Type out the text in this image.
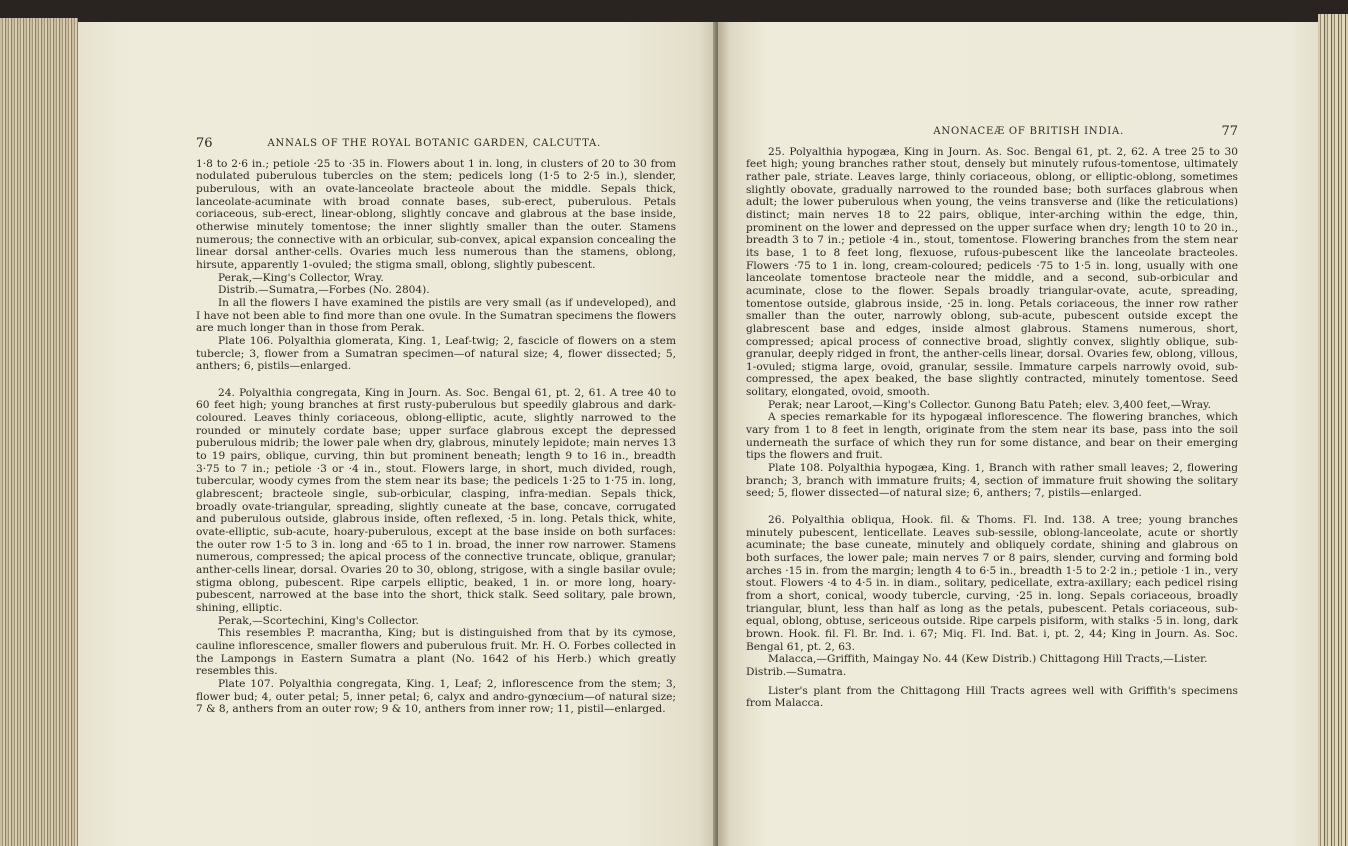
76	ANNALS OF THE ROYAL BOTANIC GARDEN, CALCUTTA.

1·8 to 2·6 in.; petiole ·25 to ·35 in. Flowers about 1 in. long, in clusters of 20 to 30 from nodulated puberulous tubercles on the stem; pedicels long (1·5 to 2·5 in.), slender, puberulous, with an ovate-lanceolate bracteole about the middle. Sepals thick, lanceolate-acuminate with broad connate bases, sub-erect, puberulous. Petals coriaceous, sub-erect, linear-oblong, slightly concave and glabrous at the base inside, otherwise minutely tomentose; the inner slightly smaller than the outer. Stamens numerous; the connective with an orbicular, sub-convex, apical expansion concealing the linear dorsal anther-cells. Ovaries much less numerous than the stamens, oblong, hirsute, apparently 1-ovuled; the stigma small, oblong, slightly pubescent.

Perak,—King's Collector, Wray.

Distrib.—Sumatra,—Forbes (No. 2804).

In all the flowers I have examined the pistils are very small (as if undeveloped), and I have not been able to find more than one ovule. In the Sumatran specimens the flowers are much longer than in those from Perak.

Plate 106. Polyalthia glomerata, King. 1, Leaf-twig; 2, fascicle of flowers on a stem tubercle; 3, flower from a Sumatran specimen—of natural size; 4, flower dissected; 5, anthers; 6, pistils—enlarged.

24. Polyalthia congregata, King in Journ. As. Soc. Bengal 61, pt. 2, 61. A tree 40 to 60 feet high; young branches at first rusty-puberulous but speedily glabrous and dark-coloured. Leaves thinly coriaceous, oblong-elliptic, acute, slightly narrowed to the rounded or minutely cordate base; upper surface glabrous except the depressed puberulous midrib; the lower pale when dry, glabrous, minutely lepidote; main nerves 13 to 19 pairs, oblique, curving, thin but prominent beneath; length 9 to 16 in., breadth 3·75 to 7 in.; petiole ·3 or ·4 in., stout. Flowers large, in short, much divided, rough, tubercular, woody cymes from the stem near its base; the pedicels 1·25 to 1·75 in. long, glabrescent; bracteole single, sub-orbicular, clasping, infra-median. Sepals thick, broadly ovate-triangular, spreading, slightly cuneate at the base, concave, corrugated and puberulous outside, glabrous inside, often reflexed, ·5 in. long. Petals thick, white, ovate-elliptic, sub-acute, hoary-puberulous, except at the base inside on both surfaces: the outer row 1·5 to 3 in. long and ·65 to 1 in. broad, the inner row narrower. Stamens numerous, compressed; the apical process of the connective truncate, oblique, granular; anther-cells linear, dorsal. Ovaries 20 to 30, oblong, strigose, with a single basilar ovule; stigma oblong, pubescent. Ripe carpels elliptic, beaked, 1 in. or more long, hoary-pubescent, narrowed at the base into the short, thick stalk. Seed solitary, pale brown, shining, elliptic.

Perak,—Scortechini, King's Collector.

This resembles P. macrantha, King; but is distinguished from that by its cymose, cauline inflorescence, smaller flowers and puberulous fruit. Mr. H. O. Forbes collected in the Lampongs in Eastern Sumatra a plant (No. 1642 of his Herb.) which greatly resembles this.

Plate 107. Polyalthia congregata, King. 1, Leaf; 2, inflorescence from the stem; 3, flower bud; 4, outer petal; 5, inner petal; 6, calyx and andro-gynœcium—of natural size; 7 & 8, anthers from an outer row; 9 & 10, anthers from inner row; 11, pistil—enlarged.

ANONACEÆ OF BRITISH INDIA.	77

25. Polyalthia hypogæa, King in Journ. As. Soc. Bengal 61, pt. 2, 62. A tree 25 to 30 feet high; young branches rather stout, densely but minutely rufous-tomentose, ultimately rather pale, striate. Leaves large, thinly coriaceous, oblong, or elliptic-oblong, sometimes slightly obovate, gradually narrowed to the rounded base; both surfaces glabrous when adult; the lower puberulous when young, the veins transverse and (like the reticulations) distinct; main nerves 18 to 22 pairs, oblique, inter-arching within the edge, thin, prominent on the lower and depressed on the upper surface when dry; length 10 to 20 in., breadth 3 to 7 in.; petiole ·4 in., stout, tomentose. Flowering branches from the stem near its base, 1 to 8 feet long, flexuose, rufous-pubescent like the lanceolate bracteoles. Flowers ·75 to 1 in. long, cream-coloured; pedicels ·75 to 1·5 in. long, usually with one lanceolate tomentose bracteole near the middle, and a second, sub-orbicular and acuminate, close to the flower. Sepals broadly triangular-ovate, acute, spreading, tomentose outside, glabrous inside, ·25 in. long. Petals coriaceous, the inner row rather smaller than the outer, narrowly oblong, sub-acute, pubescent outside except the glabrescent base and edges, inside almost glabrous. Stamens numerous, short, compressed; apical process of connective broad, slightly convex, slightly oblique, sub-granular, deeply ridged in front, the anther-cells linear, dorsal. Ovaries few, oblong, villous, 1-ovuled; stigma large, ovoid, granular, sessile. Immature carpels narrowly ovoid, sub-compressed, the apex beaked, the base slightly contracted, minutely tomentose. Seed solitary, elongated, ovoid, smooth.

Perak; near Laroot,—King's Collector. Gunong Batu Pateh; elev. 3,400 feet,—Wray.

A species remarkable for its hypogæal inflorescence. The flowering branches, which vary from 1 to 8 feet in length, originate from the stem near its base, pass into the soil underneath the surface of which they run for some distance, and bear on their emerging tips the flowers and fruit.

Plate 108. Polyalthia hypogæa, King. 1, Branch with rather small leaves; 2, flowering branch; 3, branch with immature fruits; 4, section of immature fruit showing the solitary seed; 5, flower dissected—of natural size; 6, anthers; 7, pistils—enlarged.

26. Polyalthia obliqua, Hook. fil. & Thoms. Fl. Ind. 138. A tree; young branches minutely pubescent, lenticellate. Leaves sub-sessile, oblong-lanceolate, acute or shortly acuminate; the base cuneate, minutely and obliquely cordate, shining and glabrous on both surfaces, the lower pale; main nerves 7 or 8 pairs, slender, curving and forming bold arches ·15 in. from the margin; length 4 to 6·5 in., breadth 1·5 to 2·2 in.; petiole ·1 in., very stout. Flowers ·4 to 4·5 in. in diam., solitary, pedicellate, extra-axillary; each pedicel rising from a short, conical, woody tubercle, curving, ·25 in. long. Sepals coriaceous, broadly triangular, blunt, less than half as long as the petals, pubescent. Petals coriaceous, sub-equal, oblong, obtuse, sericeous outside. Ripe carpels pisiform, with stalks ·5 in. long, dark brown. Hook. fil. Fl. Br. Ind. i. 67; Miq. Fl. Ind. Bat. i, pt. 2, 44; King in Journ. As. Soc. Bengal 61, pt. 2, 63.

Malacca,—Griffith, Maingay No. 44 (Kew Distrib.) Chittagong Hill Tracts,—Lister.

Distrib.—Sumatra.

Lister's plant from the Chittagong Hill Tracts agrees well with Griffith's specimens from Malacca.
